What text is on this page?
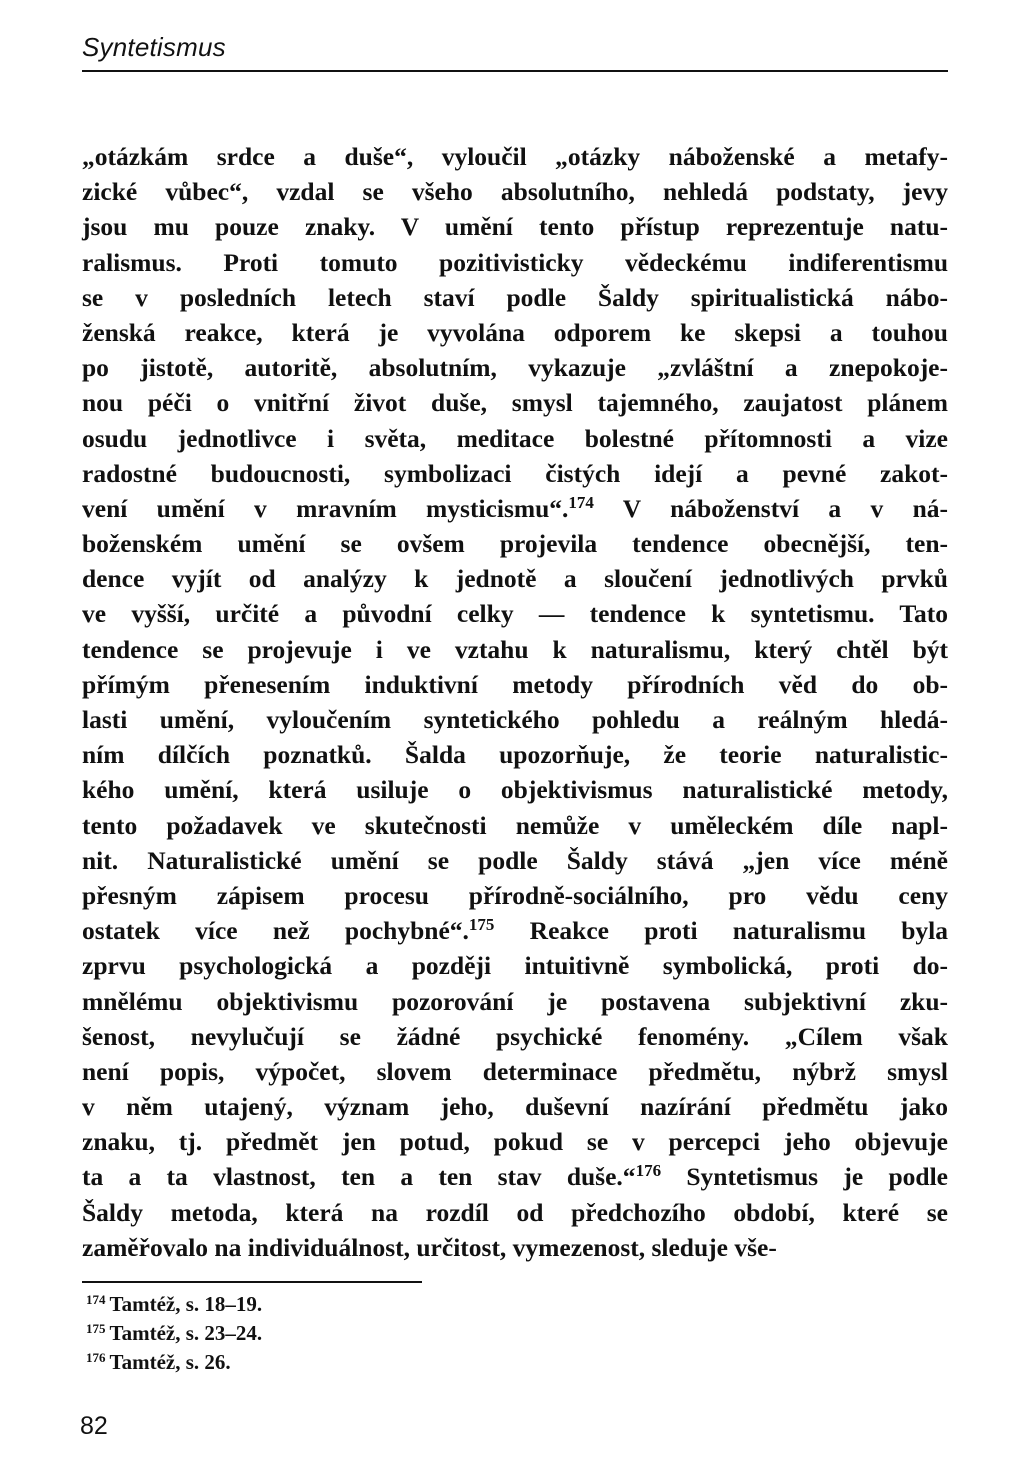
Syntetismus
„otázkám srdce a duše“, vyloučil „otázky náboženské a metafy-
zické vůbec“, vzdal se všeho absolutního, nehledá podstaty, jevy
jsou mu pouze znaky. V umění tento přístup reprezentuje natu-
ralismus. Proti tomuto pozitivisticky vědeckému indiferentismu
se v posledních letech staví podle Šaldy spiritualistická nábo-
ženská reakce, která je vyvolána odporem ke skepsi a touhou
po jistotě, autoritě, absolutním, vykazuje „zvláštní a znepokoje-
nou péči o vnitřní život duše, smysl tajemného, zaujatost plánem
osudu jednotlivce i světa, meditace bolestné přítomnosti a vize
radostné budoucnosti, symbolizaci čistých idejí a pevné zakot-
vení umění v mravním mysticismu“.$^{174}$ V náboženství a v ná-
boženském umění se ovšem projevila tendence obecnější, ten-
dence vyjít od analýzy k jednotě a sloučení jednotlivých prvků
ve vyšší, určité a původní celky — tendence k syntetismu. Tato
tendence se projevuje i ve vztahu k naturalismu, který chtěl být
přímým přenesením induktivní metody přírodních věd do ob-
lasti umění, vyloučením syntetického pohledu a reálným hledá-
ním dílčích poznatků. Šalda upozorňuje, že teorie naturalistic-
kého umění, která usiluje o objektivismus naturalistické metody,
tento požadavek ve skutečnosti nemůže v uměleckém díle napl-
nit. Naturalistické umění se podle Šaldy stává „jen více méně
přesným zápisem procesu přírodně-sociálního, pro vědu ceny
ostatek více než pochybné“.$^{175}$ Reakce proti naturalismu byla
zprvu psychologická a později intuitivně symbolická, proti do-
mnělému objektivismu pozorování je postavena subjektivní zku-
šenost, nevylučují se žádné psychické fenomény. „Cílem však
není popis, výpočet, slovem determinace předmětu, nýbrž smysl
v něm utajený, význam jeho, duševní nazírání předmětu jako
znaku, tj. předmět jen potud, pokud se v percepci jeho objevuje
ta a ta vlastnost, ten a ten stav duše.“$^{176}$ Syntetismus je podle
Šaldy metoda, která na rozdíl od předchozího období, které se
zaměřovalo na individuálnost, určitost, vymezenost, sleduje vše-
$^{174}$ Tamtéž, s. 18–19.
$^{175}$ Tamtéž, s. 23–24.
$^{176}$ Tamtéž, s. 26.
82
